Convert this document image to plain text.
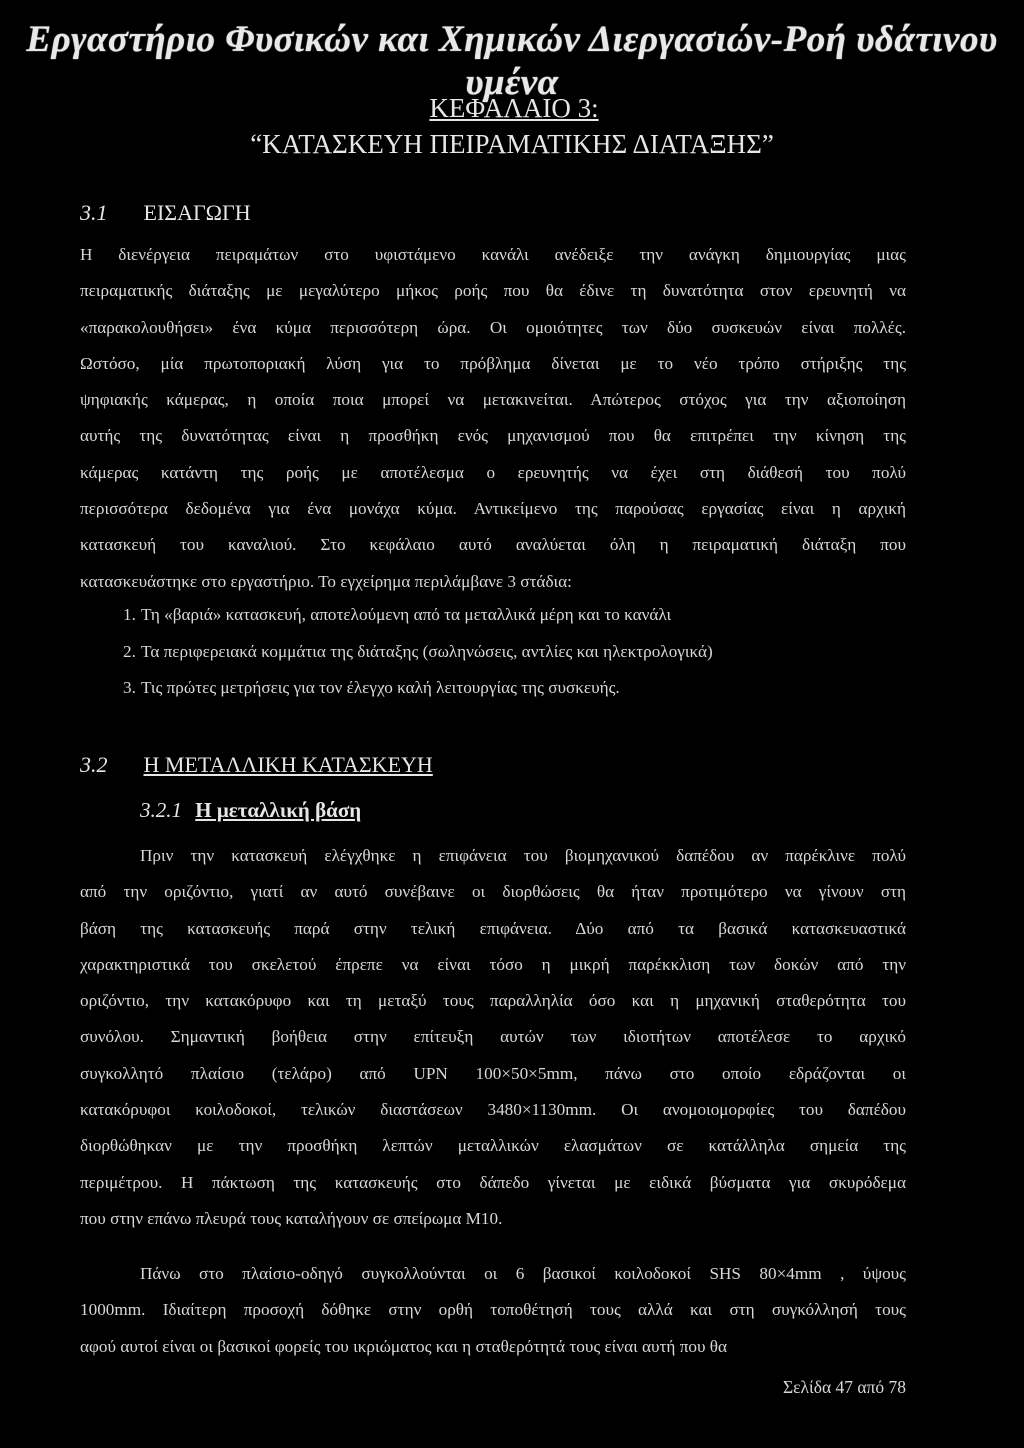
Εργαστήριο Φυσικών και Χημικών Διεργασιών-Ροή υδάτινου υμένα
ΚΕΦΑΛΑΙΟ 3:
“ΚΑΤΑΣΚΕΥΗ ΠΕΙΡΑΜΑΤΙΚΗΣ ΔΙΑΤΑΞΗΣ”
3.1 ΕΙΣΑΓΩΓΗ
Η διενέργεια πειραμάτων στο υφιστάμενο κανάλι ανέδειξε την ανάγκη δημιουργίας μιας
πειραματικής διάταξης με μεγαλύτερο μήκος ροής που θα έδινε τη δυνατότητα στον ερευνητή να
«παρακολουθήσει» ένα κύμα περισσότερη ώρα. Οι ομοιότητες των δύο συσκευών είναι πολλές.
Ωστόσο, μία πρωτοποριακή λύση για το πρόβλημα δίνεται με το νέο τρόπο στήριξης της
ψηφιακής κάμερας, η οποία ποια μπορεί να μετακινείται. Απώτερος στόχος για την αξιοποίηση
αυτής της δυνατότητας είναι η προσθήκη ενός μηχανισμού που θα επιτρέπει την κίνηση της
κάμερας κατάντη της ροής με αποτέλεσμα ο ερευνητής να έχει στη διάθεσή του πολύ
περισσότερα δεδομένα για ένα μονάχα κύμα. Αντικείμενο της παρούσας εργασίας είναι η αρχική
κατασκευή του καναλιού. Στο κεφάλαιο αυτό αναλύεται όλη η πειραματική διάταξη που
κατασκευάστηκε στο εργαστήριο. Το εγχείρημα περιλάμβανε 3 στάδια:
1. Τη «βαριά» κατασκευή, αποτελούμενη από τα μεταλλικά μέρη και το κανάλι
2. Τα περιφερειακά κομμάτια της διάταξης (σωληνώσεις, αντλίες και ηλεκτρολογικά)
3. Τις πρώτες μετρήσεις για τον έλεγχο καλή λειτουργίας της συσκευής.
3.2 Η ΜΕΤΑΛΛΙΚΗ ΚΑΤΑΣΚΕΥΗ
3.2.1 Η μεταλλική βάση
Πριν την κατασκευή ελέγχθηκε η επιφάνεια του βιομηχανικού δαπέδου αν παρέκλινε πολύ
από την οριζόντιο, γιατί αν αυτό συνέβαινε οι διορθώσεις θα ήταν προτιμότερο να γίνουν στη
βάση της κατασκευής παρά στην τελική επιφάνεια. Δύο από τα βασικά κατασκευαστικά
χαρακτηριστικά του σκελετού έπρεπε να είναι τόσο η μικρή παρέκκλιση των δοκών από την
οριζόντιο, την κατακόρυφο και τη μεταξύ τους παραλληλία όσο και η μηχανική σταθερότητα του
συνόλου. Σημαντική βοήθεια στην επίτευξη αυτών των ιδιοτήτων αποτέλεσε το αρχικό
συγκολλητό πλαίσιο (τελάρο) από UPN 100×50×5mm, πάνω στο οποίο εδράζονται οι
κατακόρυφοι κοιλοδοκοί, τελικών διαστάσεων 3480×1130mm. Οι ανομοιομορφίες του δαπέδου
διορθώθηκαν με την προσθήκη λεπτών μεταλλικών ελασμάτων σε κατάλληλα σημεία της
περιμέτρου. Η πάκτωση της κατασκευής στο δάπεδο γίνεται με ειδικά βύσματα για σκυρόδεμα
που στην επάνω πλευρά τους καταλήγουν σε σπείρωμα Μ10.
Πάνω στο πλαίσιο-οδηγό συγκολλούνται οι 6 βασικοί κοιλοδοκοί SHS 80×4mm , ύψους
1000mm. Ιδιαίτερη προσοχή δόθηκε στην ορθή τοποθέτησή τους αλλά και στη συγκόλλησή τους
αφού αυτοί είναι οι βασικοί φορείς του ικριώματος και η σταθερότητά τους είναι αυτή που θα
Σελίδα 47 από 78
